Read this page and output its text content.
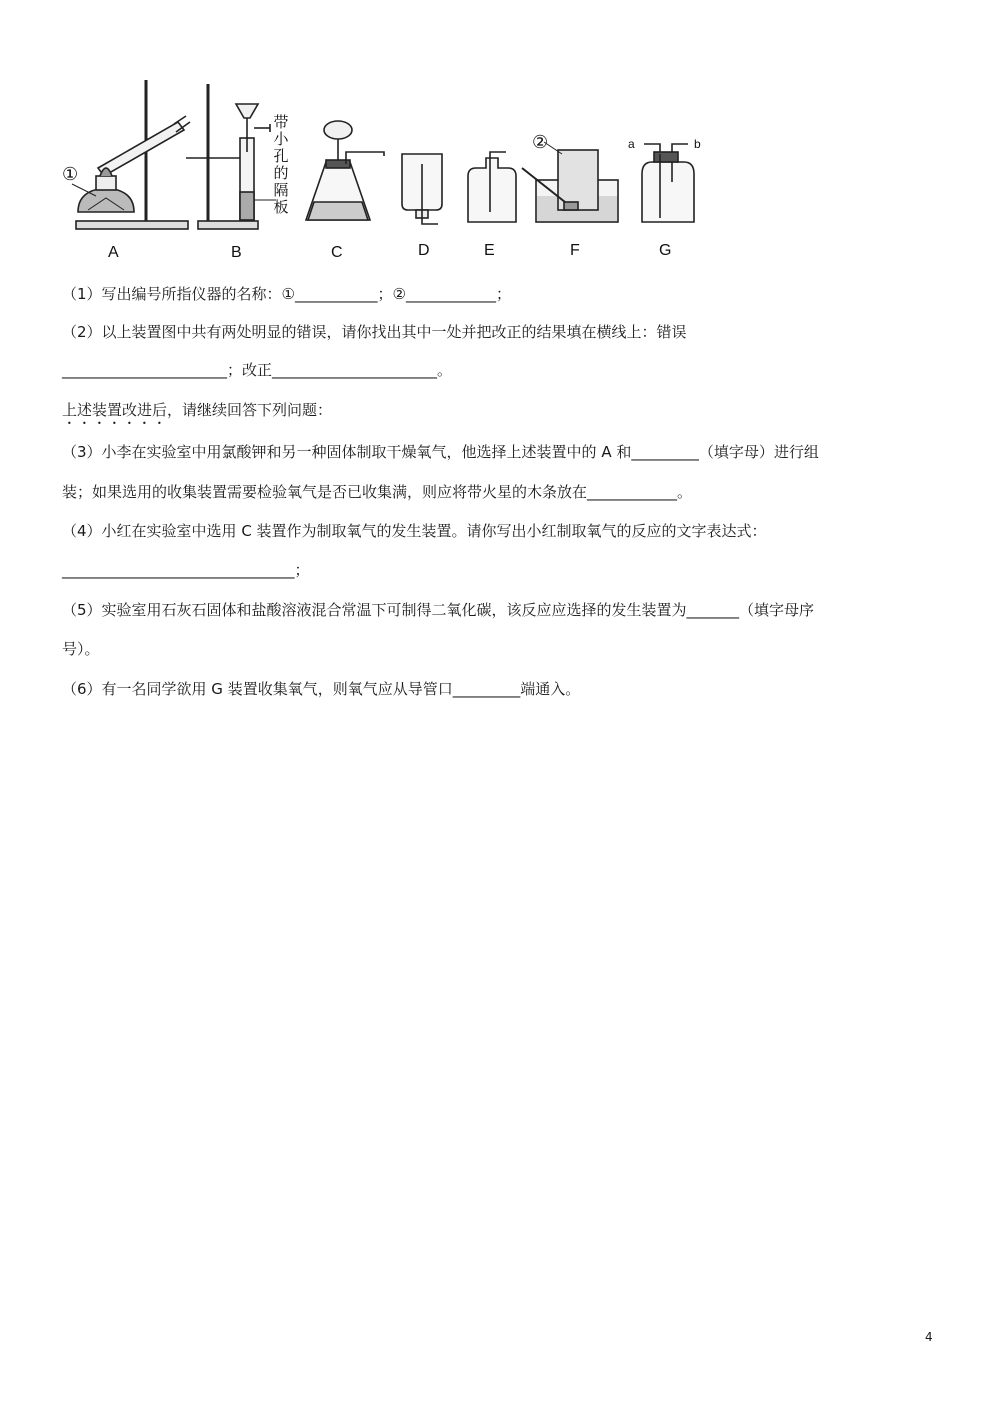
A	B	C	D	E	F	G
①
②
带小孔的隔板	a	b
（1）写出编号所指仪器的名称：①___________；②____________；
（2）以上装置图中共有两处明显的错误，请你找出其中一处并把改正的结果填在横线上：错误
______________________；改正______________________。
上述装置改进后，请继续回答下列问题：
（3）小李在实验室中用氯酸钾和另一种固体制取干燥氧气，他选择上述装置中的 A 和_________（填字母）进行组
装；如果选用的收集装置需要检验氧气是否已收集满，则应将带火星的木条放在____________。
（4）小红在实验室中选用 C 装置作为制取氧气的发生装置。请你写出小红制取氧气的反应的文字表达式：
_______________________________；
（5）实验室用石灰石固体和盐酸溶液混合常温下可制得二氧化碳，该反应应选择的发生装置为_______（填字母序
号）。
（6）有一名同学欲用 G 装置收集氧气，则氧气应从导管口_________端通入。
4
